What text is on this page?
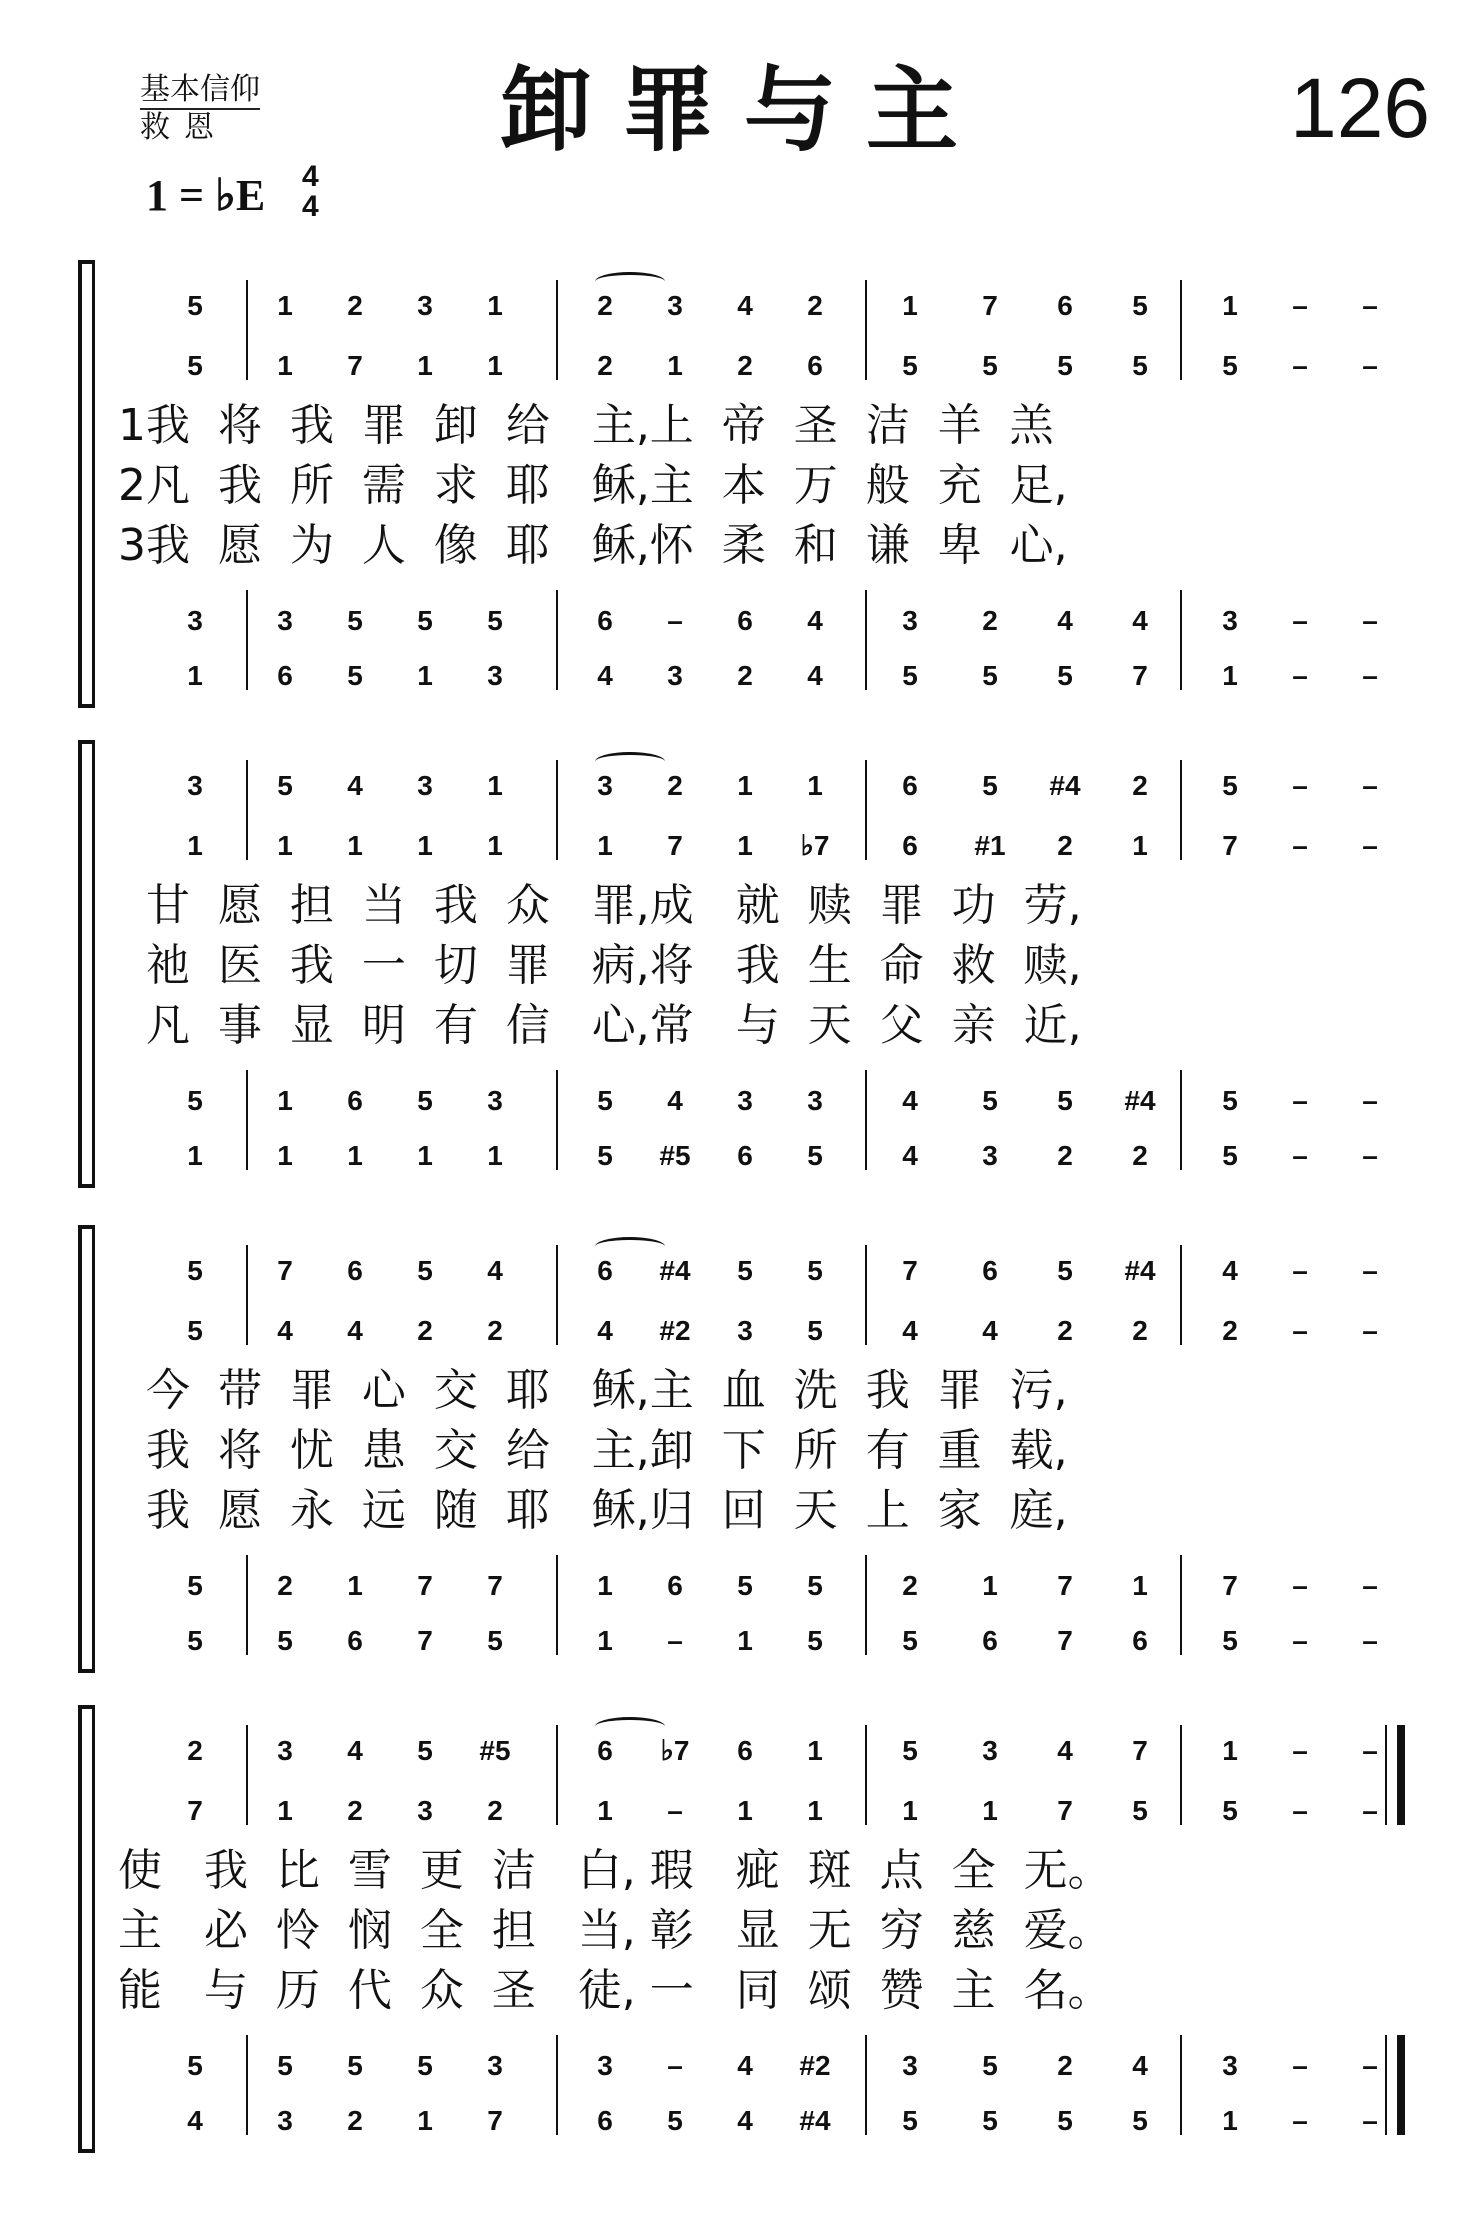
基本信仰
救恩	卸罪与主	126
1 = ♭E 4
4
5	1	2	3	1	2	3	4	2	1	7	6	5	1	–	–
5	1	7	1	1	2	1	2	6	5	5	5	5	5	–	–
3	3	5	5	5	6	–	6	4	3	2	4	4	3	–	–
1	6	5	1	3	4	3	2	4	5	5	5	7	1	–	–
1我  将  我  罪  卸  给   主,上  帝  圣  洁  羊  羔
2凡  我  所  需  求  耶   稣,主  本  万  般  充  足,
3我  愿  为  人  像  耶   稣,怀  柔  和  谦  卑  心,
3	5	4	3	1	3	2	1	1	6	5	#4	2	5	–	–
1	1	1	1	1	1	7	1	♭7	6	#1	2	1	7	–	–
5	1	6	5	3	5	4	3	3	4	5	5	#4	5	–	–
1	1	1	1	1	5	#5	6	5	4	3	2	2	5	–	–
甘  愿  担  当  我  众   罪,成   就  赎  罪  功  劳,
祂  医  我  一  切  罪   病,将   我  生  命  救  赎,
凡  事  显  明  有  信   心,常   与  天  父  亲  近,
5	7	6	5	4	6	#4	5	5	7	6	5	#4	4	–	–
5	4	4	2	2	4	#2	3	5	4	4	2	2	2	–	–
5	2	1	7	7	1	6	5	5	2	1	7	1	7	–	–
5	5	6	7	5	1	–	1	5	5	6	7	6	5	–	–
今  带  罪  心  交  耶   稣,主  血  洗  我  罪  污,
我  将  忧  患  交  给   主,卸  下  所  有  重  载,
我  愿  永  远  随  耶   稣,归  回  天  上  家  庭,
2	3	4	5	#5	6	♭7	6	1	5	3	4	7	1	–	–
7	1	2	3	2	1	–	1	1	1	1	7	5	5	–	–
5	5	5	5	3	3	–	4	#2	3	5	2	4	3	–	–
4	3	2	1	7	6	5	4	#4	5	5	5	5	1	–	–
使   我  比  雪  更  洁   白, 瑕   疵  斑  点  全  无。
主   必  怜  悯  全  担   当, 彰   显  无  穷  慈  爱。
能   与  历  代  众  圣   徒, 一   同  颂  赞  主  名。
